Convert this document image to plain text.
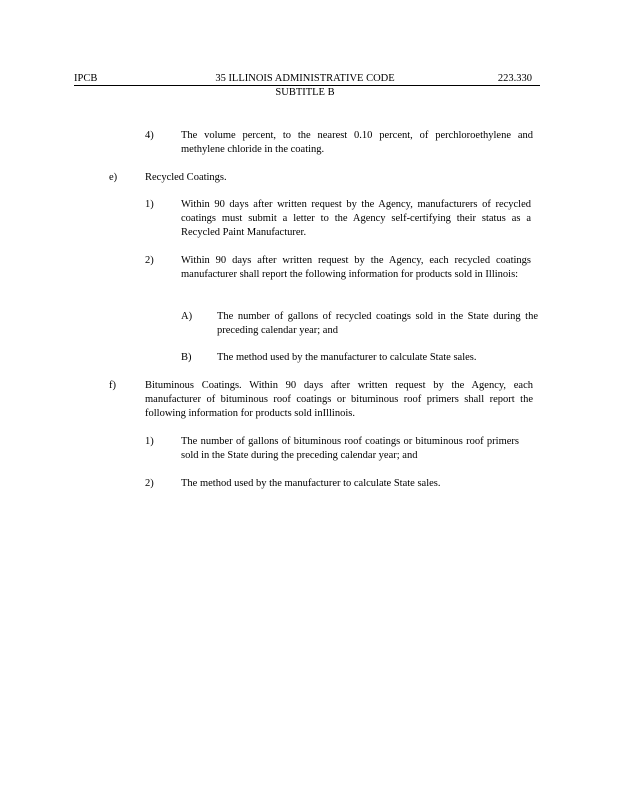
IPCB	35 ILLINOIS ADMINISTRATIVE CODE
SUBTITLE B
223.330
4)	The volume percent, to the nearest 0.10 percent, of perchloroethylene and methylene chloride in the coating.
e)	Recycled Coatings.
1)	Within 90 days after written request by the Agency, manufacturers of recycled coatings must submit a letter to the Agency self-certifying their status as a Recycled Paint Manufacturer.
2)	Within 90 days after written request by the Agency, each recycled coatings manufacturer shall report the following information for products sold in Illinois:
A) The number of gallons of recycled coatings sold in the State during the preceding calendar year; and
B) The method used by the manufacturer to calculate State sales.
f)	Bituminous Coatings. Within 90 days after written request by the Agency, each manufacturer of bituminous roof coatings or bituminous roof primers shall report the following information for products sold inIllinois.
1)	The number of gallons of bituminous roof coatings or bituminous roof primers sold in the State during the preceding calendar year; and
2)	The method used by the manufacturer to calculate State sales.
